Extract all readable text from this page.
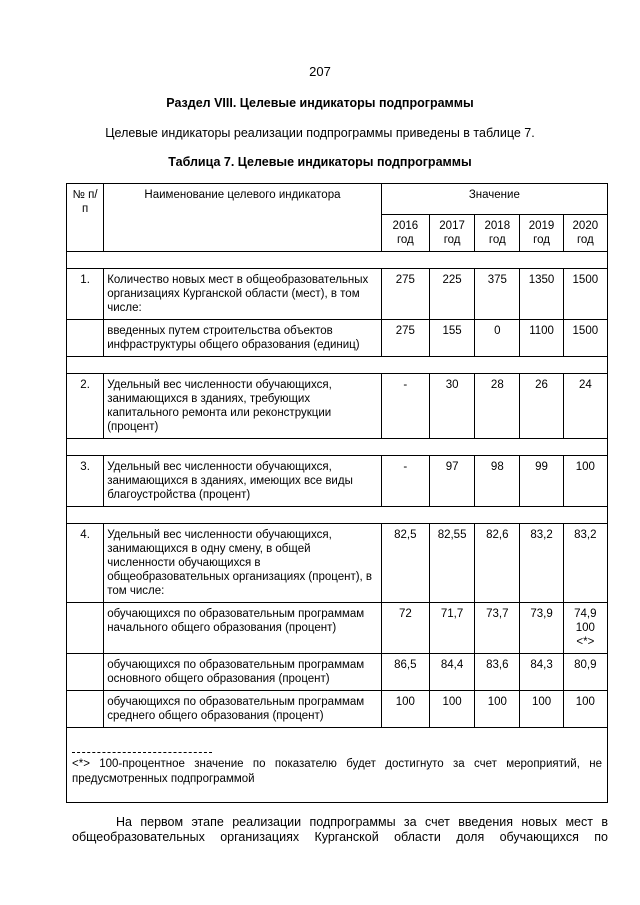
207
Раздел VIII. Целевые индикаторы подпрограммы
Целевые индикаторы реализации подпрограммы приведены в таблице 7.
Таблица 7. Целевые индикаторы подпрограммы
№ п/п	Наименование целевого индикатора	Значение				
		2016 год	2017 год	2018 год	2019 год	2020 год

1.	Количество новых мест в общеобразовательных организациях Курганской области (мест), в том числе:	275	225	375	1350	1500
	введенных путем строительства объектов инфраструктуры общего образования (единиц)	275	155	0	1100	1500

2.	Удельный вес численности обучающихся, занимающихся в зданиях, требующих капитального ремонта или реконструкции (процент)	-	30	28	26	24

3.	Удельный вес численности обучающихся, занимающихся в зданиях, имеющих все виды благоустройства (процент)	-	97	98	99	100

4.	Удельный вес численности обучающихся, занимающихся в одну смену, в общей численности обучающихся в общеобразовательных организациях (процент), в том числе:	82,5	82,55	82,6	83,2	83,2
	обучающихся по образовательным программам начального общего образования (процент)	72	71,7	73,7	73,9	74,9 100 <*>
	обучающихся по образовательным программам основного общего образования (процент)	86,5	84,4	83,6	84,3	80,9
	обучающихся по образовательным программам среднего общего образования (процент)	100	100	100	100	100
<*> 100-процентное значение по показателю будет достигнуто за счет мероприятий, не предусмотренных подпрограммой

На первом этапе реализации подпрограммы за счет введения новых мест в

общеобразовательных организациях Курганской области доля обучающихся по
